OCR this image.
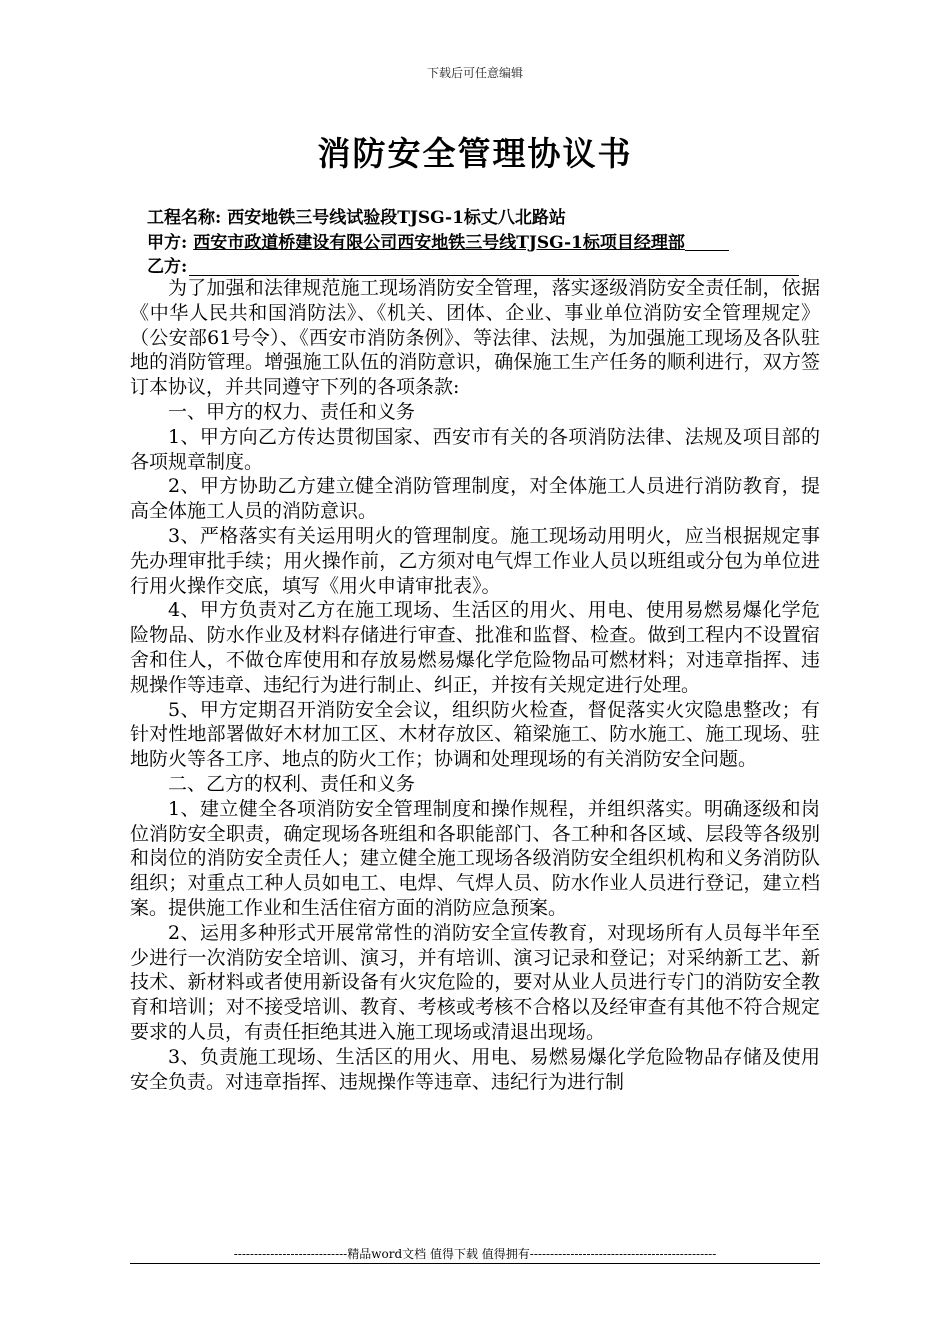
下载后可任意编辑
消防安全管理协议书
工程名称: 西安地铁三号线试验段TJSG-1标丈八北路站
甲方: 西安市政道桥建设有限公司西安地铁三号线TJSG-1标项目经理部
乙方:

为了加强和法律规范施工现场消防安全管理，落实逐级消防安全责任制，依据《中华人民共和国消防法》、《机关、团体、企业、事业单位消防安全管理规定》（公安部61号令）、《西安市消防条例》、等法律、法规，为加强施工现场及各队驻地的消防管理。增强施工队伍的消防意识，确保施工生产任务的顺利进行，双方签订本协议，并共同遵守下列的各项条款:

一、甲方的权力、责任和义务

1、甲方向乙方传达贯彻国家、西安市有关的各项消防法律、法规及项目部的各项规章制度。

2、甲方协助乙方建立健全消防管理制度，对全体施工人员进行消防教育，提高全体施工人员的消防意识。

3、严格落实有关运用明火的管理制度。施工现场动用明火，应当根据规定事先办理审批手续；用火操作前，乙方须对电气焊工作业人员以班组或分包为单位进行用火操作交底，填写《用火申请审批表》。

4、甲方负责对乙方在施工现场、生活区的用火、用电、使用易燃易爆化学危险物品、防水作业及材料存储进行审查、批准和监督、检查。做到工程内不设置宿舍和住人，不做仓库使用和存放易燃易爆化学危险物品可燃材料；对违章指挥、违规操作等违章、违纪行为进行制止、纠正，并按有关规定进行处理。

5、甲方定期召开消防安全会议，组织防火检查，督促落实火灾隐患整改；有针对性地部署做好木材加工区、木材存放区、箱梁施工、防水施工、施工现场、驻地防火等各工序、地点的防火工作；协调和处理现场的有关消防安全问题。

二、乙方的权利、责任和义务

1、建立健全各项消防安全管理制度和操作规程，并组织落实。明确逐级和岗位消防安全职责，确定现场各班组和各职能部门、各工种和各区域、层段等各级别和岗位的消防安全责任人；建立健全施工现场各级消防安全组织机构和义务消防队组织；对重点工种人员如电工、电焊、气焊人员、防水作业人员进行登记，建立档案。提供施工作业和生活住宿方面的消防应急预案。

2、运用多种形式开展常常性的消防安全宣传教育，对现场所有人员每半年至少进行一次消防安全培训、演习，并有培训、演习记录和登记；对采纳新工艺、新技术、新材料或者使用新设备有火灾危险的，要对从业人员进行专门的消防安全教育和培训；对不接受培训、教育、考核或考核不合格以及经审查有其他不符合规定要求的人员，有责任拒绝其进入施工现场或清退出现场。

3、负责施工现场、生活区的用火、用电、易燃易爆化学危险物品存储及使用安全负责。对违章指挥、违规操作等违章、违纪行为进行制

----------------------------精品word文档 值得下载 值得拥有----------------------------------------------
